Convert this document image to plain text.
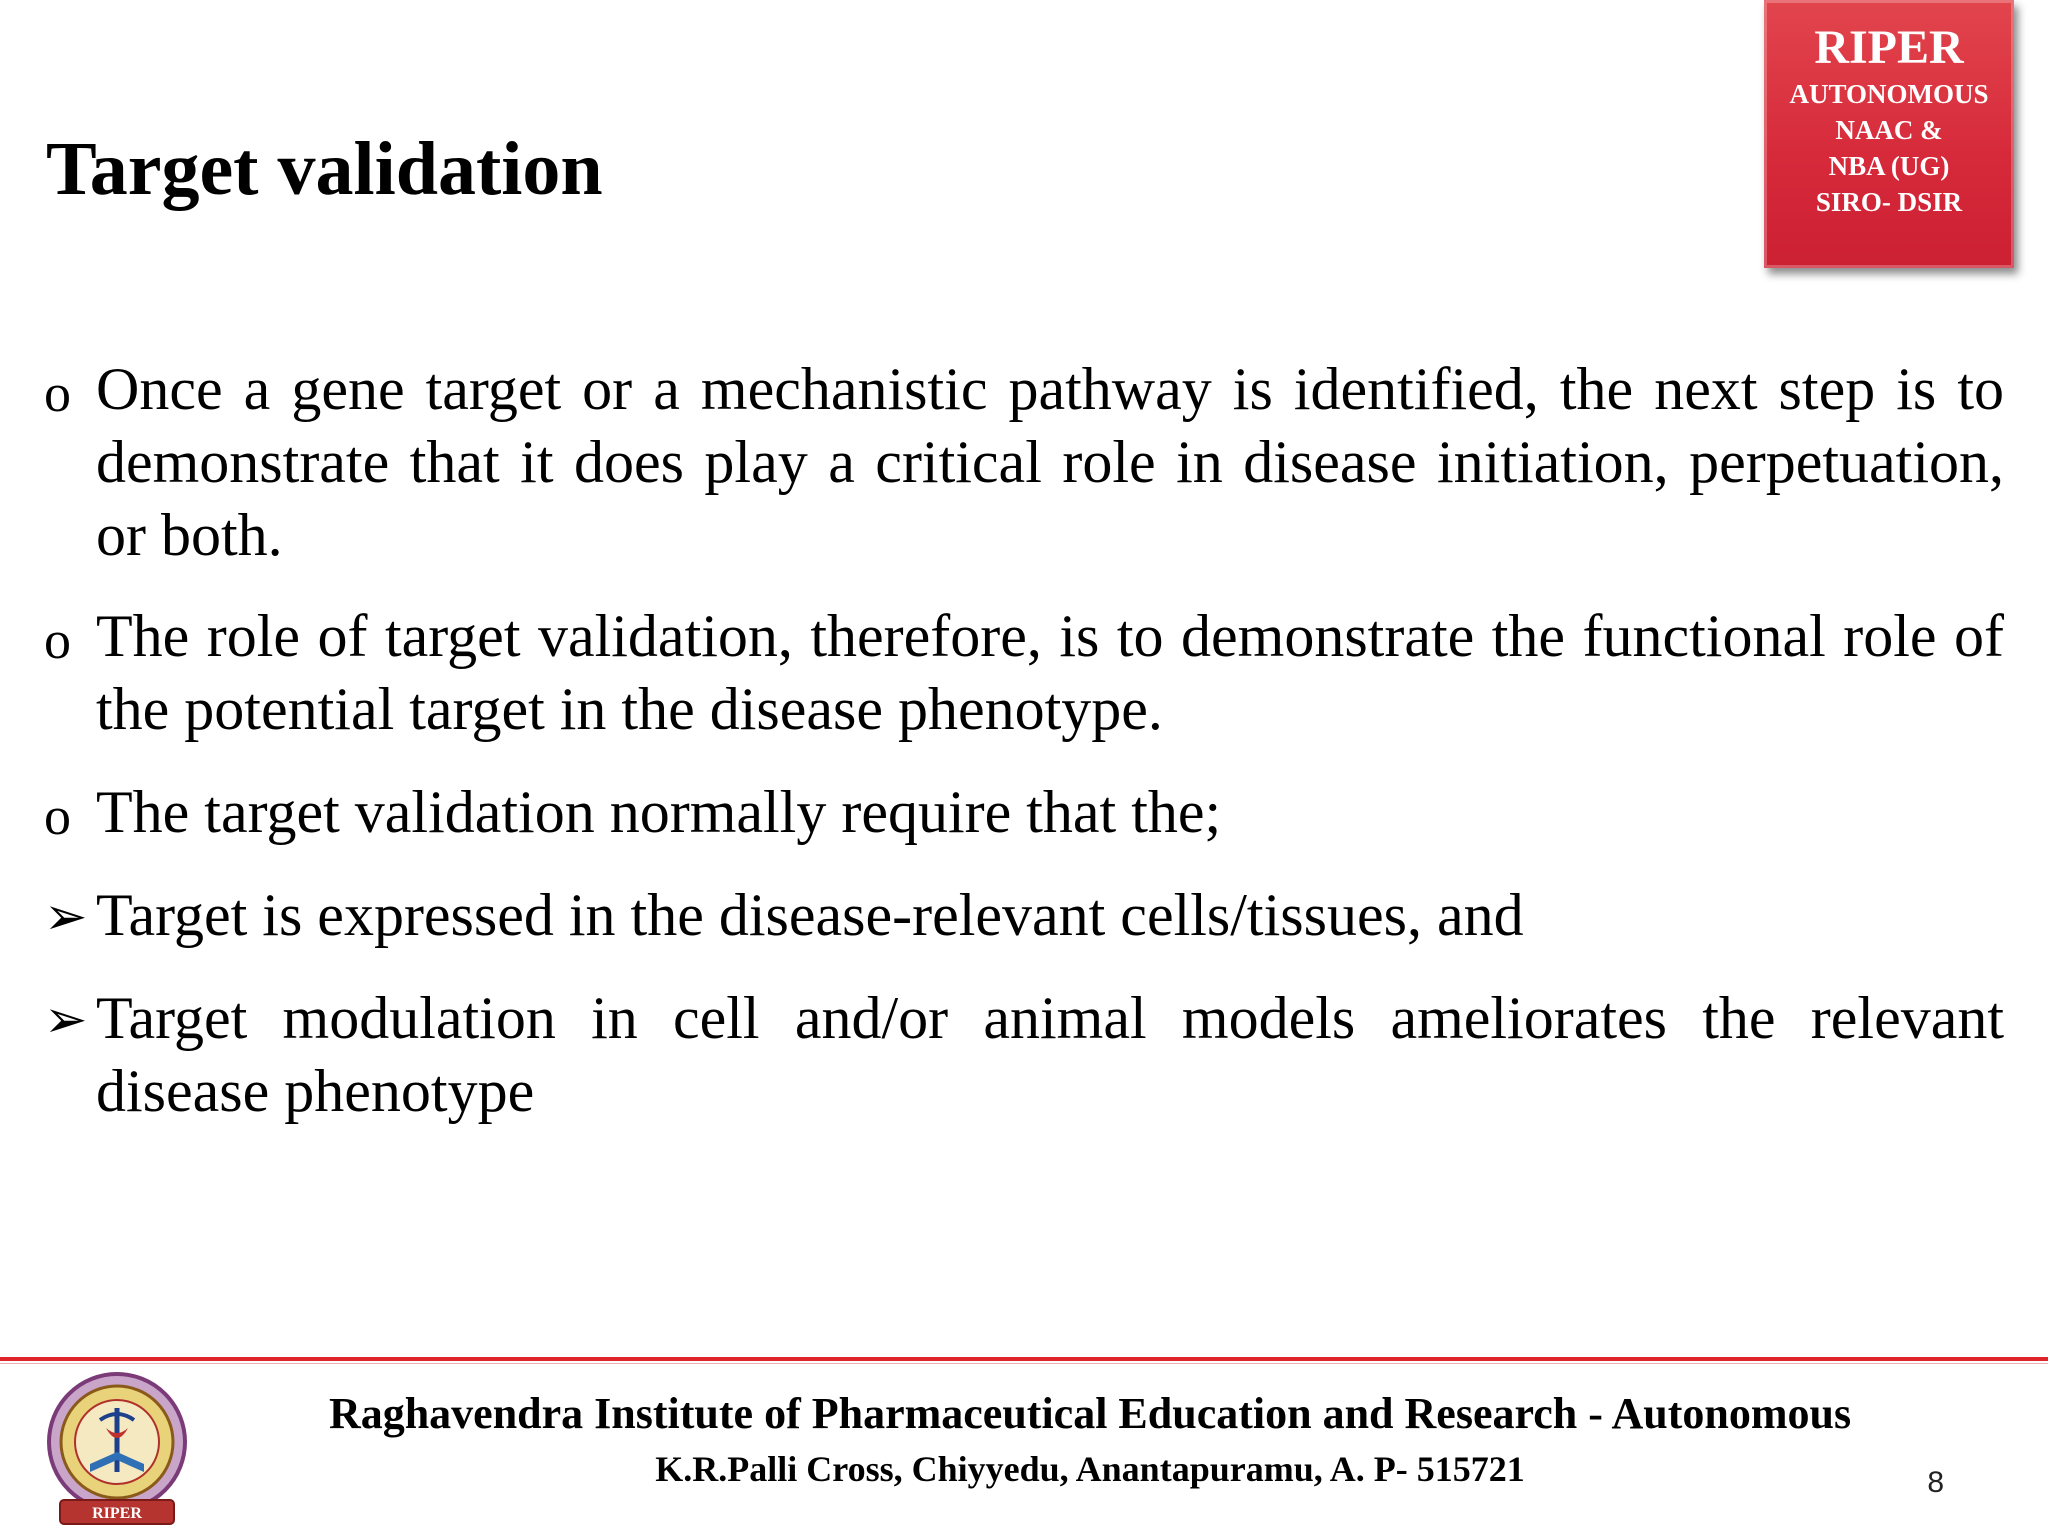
Target validation
RIPER
AUTONOMOUS
NAAC &
NBA (UG)
SIRO- DSIR
o Once a gene target or a mechanistic pathway is identified, the next step is to demonstrate that it does play a critical role in disease initiation, perpetuation, or both.
o The role of target validation, therefore, is to demonstrate the functional role of the potential target in the disease phenotype.
o The target validation normally require that the;
➢ Target is expressed in the disease-relevant cells/tissues, and
➢ Target modulation in cell and/or animal models ameliorates the relevant disease phenotype
RIPER

Raghavendra Institute of Pharmaceutical Education and Research - Autonomous

K.R.Palli Cross, Chiyyedu, Anantapuramu, A. P- 515721	8
